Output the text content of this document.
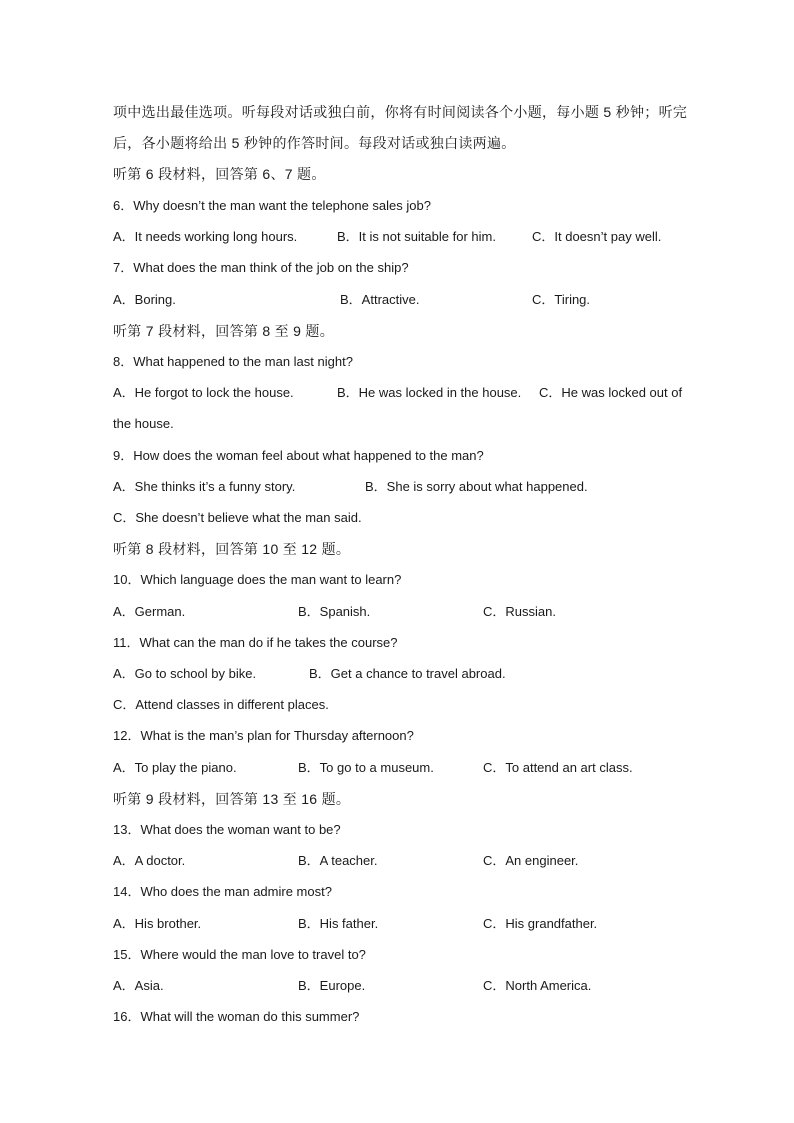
项中选出最佳选项。听每段对话或独白前，你将有时间阅读各个小题，每小题 5 秒钟；听完
后，各小题将给出 5 秒钟的作答时间。每段对话或独白读两遍。
听第 6 段材料，回答第 6、7 题。
6．Why doesn’t the man want the telephone sales job?
A．It needs working long hours.	B．It is not suitable for him.	C．It doesn’t pay well.
7．What does the man think of the job on the ship?
A．Boring.	B．Attractive.	C．Tiring.
听第 7 段材料，回答第 8 至 9 题。
8．What happened to the man last night?
A．He forgot to lock the house.	B．He was locked in the house. C．He was locked out of
the house.
9．How does the woman feel about what happened to the man?
A．She thinks it’s a funny story.	B．She is sorry about what happened.
C．She doesn’t believe what the man said.
听第 8 段材料，回答第 10 至 12 题。
10．Which language does the man want to learn?
A．German.	B．Spanish.	C．Russian.
11．What can the man do if he takes the course?
A．Go to school by bike.	B．Get a chance to travel abroad.
C．Attend classes in different places.
12．What is the man’s plan for Thursday afternoon?
A．To play the piano.	B．To go to a museum.	C．To attend an art class.
听第 9 段材料，回答第 13 至 16 题。
13．What does the woman want to be?
A．A doctor.	B．A teacher.	C．An engineer.
14．Who does the man admire most?
A．His brother.	B．His father.	C．His grandfather.
15．Where would the man love to travel to?
A．Asia.	B．Europe.	C．North America.
16．What will the woman do this summer?
